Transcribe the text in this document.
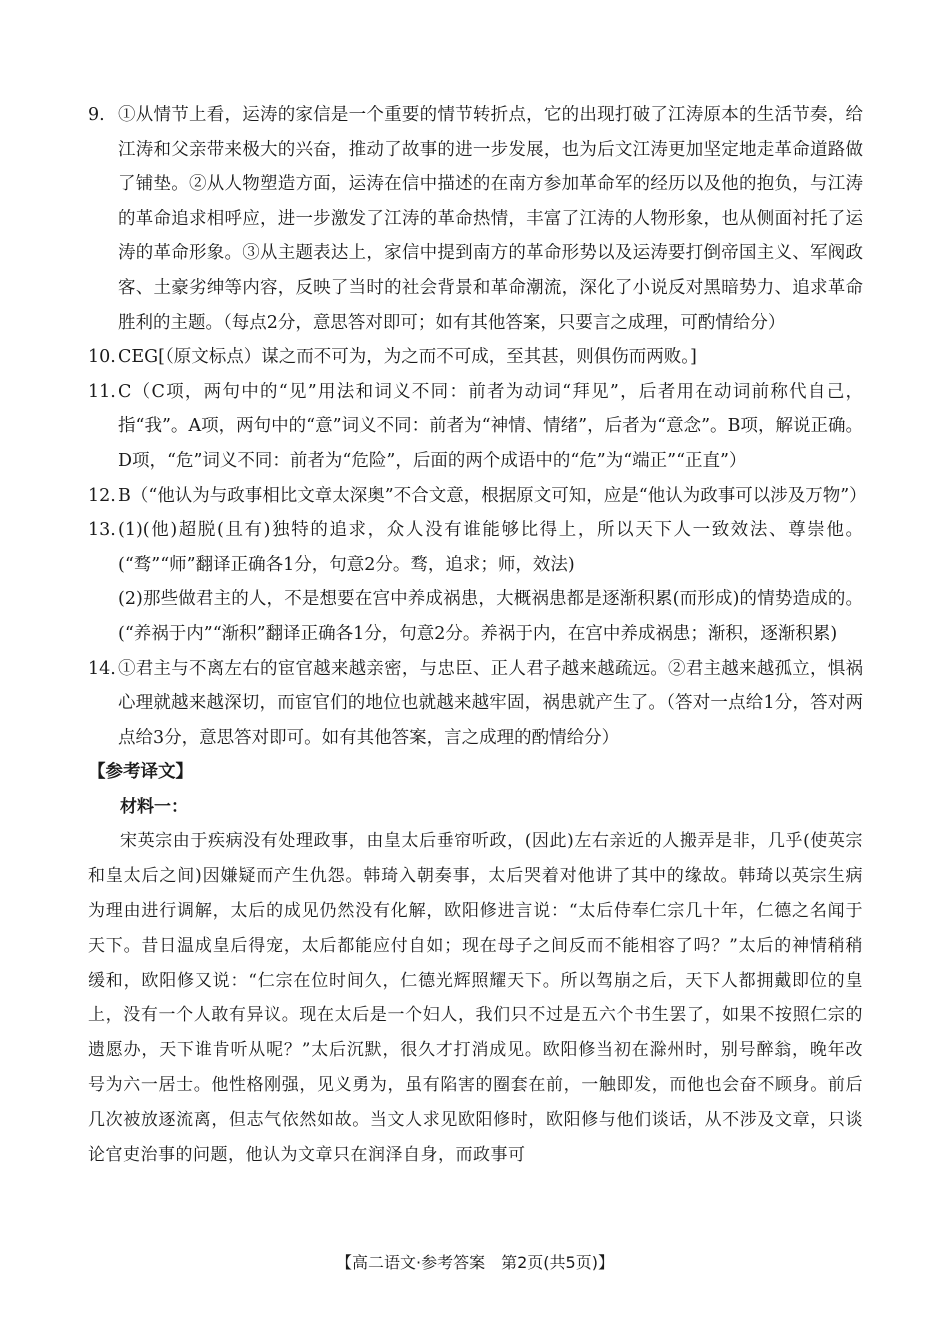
9. ①从情节上看，运涛的家信是一个重要的情节转折点，它的出现打破了江涛原本的生活节奏，给江涛和父亲带来极大的兴奋，推动了故事的进一步发展，也为后文江涛更加坚定地走革命道路做了铺垫。②从人物塑造方面，运涛在信中描述的在南方参加革命军的经历以及他的抱负，与江涛的革命追求相呼应，进一步激发了江涛的革命热情，丰富了江涛的人物形象，也从侧面衬托了运涛的革命形象。③从主题表达上，家信中提到南方的革命形势以及运涛要打倒帝国主义、军阀政客、土豪劣绅等内容，反映了当时的社会背景和革命潮流，深化了小说反对黑暗势力、追求革命胜利的主题。（每点2分，意思答对即可；如有其他答案，只要言之成理，可酌情给分）
10. CEG[（原文标点）谋之而不可为，为之而不可成，至其甚，则俱伤而两败。]
11. C（C项，两句中的“见”用法和词义不同：前者为动词“拜见”，后者用在动词前称代自己，指“我”。A项，两句中的“意”词义不同：前者为“神情、情绪”，后者为“意念”。B项，解说正确。D项，“危”词义不同：前者为“危险”，后面的两个成语中的“危”为“端正”“正直”）
12. B（“他认为与政事相比文章太深奥”不合文意，根据原文可知，应是“他认为政事可以涉及万物”）
13. (1)(他)超脱(且有)独特的追求，众人没有谁能够比得上，所以天下人一致效法、尊崇他。(“骛”“师”翻译正确各1分，句意2分。骛，追求；师，效法)
(2)那些做君主的人，不是想要在宫中养成祸患，大概祸患都是逐渐积累(而形成)的情势造成的。(“养祸于内”“渐积”翻译正确各1分，句意2分。养祸于内，在宫中养成祸患；渐积，逐渐积累)
14. ①君主与不离左右的宦官越来越亲密，与忠臣、正人君子越来越疏远。②君主越来越孤立，惧祸心理就越来越深切，而宦官们的地位也就越来越牢固，祸患就产生了。（答对一点给1分，答对两点给3分，意思答对即可。如有其他答案，言之成理的酌情给分）
【参考译文】
材料一：
宋英宗由于疾病没有处理政事，由皇太后垂帘听政，(因此)左右亲近的人搬弄是非，几乎(使英宗和皇太后之间)因嫌疑而产生仇怨。韩琦入朝奏事，太后哭着对他讲了其中的缘故。韩琦以英宗生病为理由进行调解，太后的成见仍然没有化解，欧阳修进言说：“太后侍奉仁宗几十年，仁德之名闻于天下。昔日温成皇后得宠，太后都能应付自如；现在母子之间反而不能相容了吗？”太后的神情稍稍缓和，欧阳修又说：“仁宗在位时间久，仁德光辉照耀天下。所以驾崩之后，天下人都拥戴即位的皇上，没有一个人敢有异议。现在太后是一个妇人，我们只不过是五六个书生罢了，如果不按照仁宗的遗愿办，天下谁肯听从呢？”太后沉默，很久才打消成见。欧阳修当初在滁州时，别号醉翁，晚年改号为六一居士。他性格刚强，见义勇为，虽有陷害的圈套在前，一触即发，而他也会奋不顾身。前后几次被放逐流离，但志气依然如故。当文人求见欧阳修时，欧阳修与他们谈话，从不涉及文章，只谈论官吏治事的问题，他认为文章只在润泽自身，而政事可
【高二语文·参考答案　第2页(共5页)】
